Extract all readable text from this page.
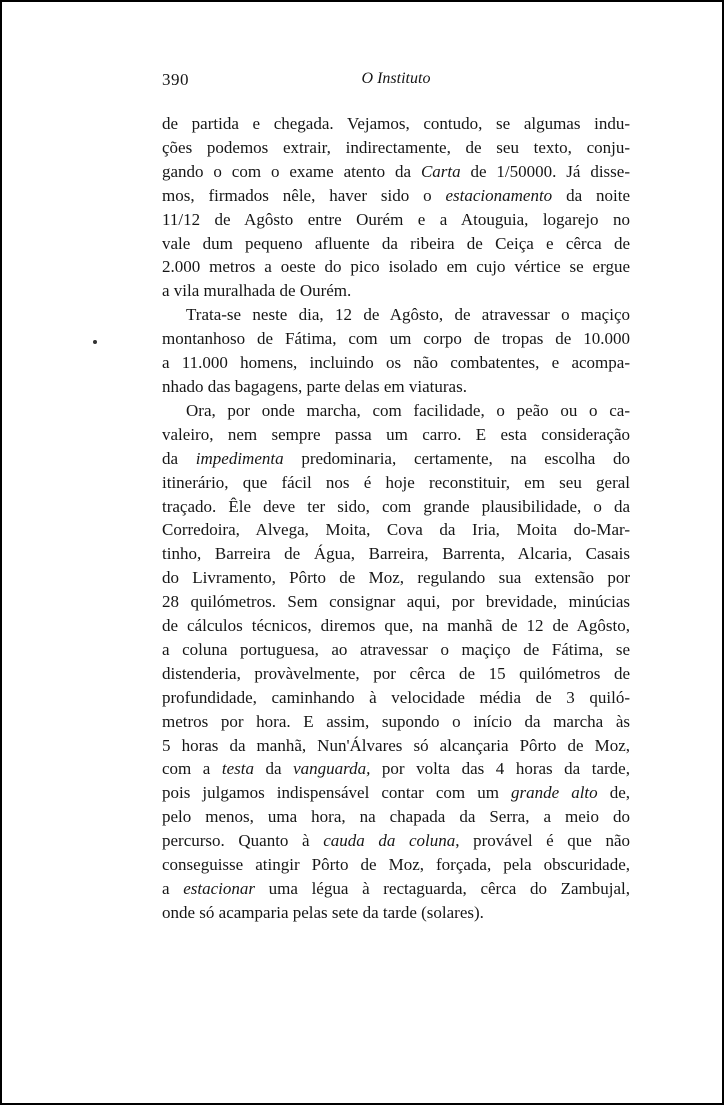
390	O Instituto

de partida e chegada. Vejamos, contudo, se algumas indu-
ções podemos extrair, indirectamente, de seu texto, conju-
gando o com o exame atento da Carta de 1/50000. Já disse-
mos, firmados nêle, haver sido o estacionamento da noite
11/12 de Agôsto entre Ourém e a Atouguia, logarejo no
vale dum pequeno afluente da ribeira de Ceiça e cêrca de
2.000 metros a oeste do pico isolado em cujo vértice se ergue
a vila muralhada de Ourém.

Trata-se neste dia, 12 de Agôsto, de atravessar o maçiço
montanhoso de Fátima, com um corpo de tropas de 10.000
a 11.000 homens, incluindo os não combatentes, e acompa-
nhado das bagagens, parte delas em viaturas.

Ora, por onde marcha, com facilidade, o peão ou o ca-
valeiro, nem sempre passa um carro. E esta consideração
da impedimenta predominaria, certamente, na escolha do
itinerário, que fácil nos é hoje reconstituir, em seu geral
traçado. Êle deve ter sido, com grande plausibilidade, o da
Corredoira, Alvega, Moita, Cova da Iria, Moita do-Mar-
tinho, Barreira de Água, Barreira, Barrenta, Alcaria, Casais
do Livramento, Pôrto de Moz, regulando sua extensão por
28 quilómetros. Sem consignar aqui, por brevidade, minúcias
de cálculos técnicos, diremos que, na manhã de 12 de Agôsto,
a coluna portuguesa, ao atravessar o maçiço de Fátima, se
distenderia, provàvelmente, por cêrca de 15 quilómetros de
profundidade, caminhando à velocidade média de 3 quiló-
metros por hora. E assim, supondo o início da marcha às
5 horas da manhã, Nun'Álvares só alcançaria Pôrto de Moz,
com a testa da vanguarda, por volta das 4 horas da tarde,
pois julgamos indispensável contar com um grande alto de,
pelo menos, uma hora, na chapada da Serra, a meio do
percurso. Quanto à cauda da coluna, provável é que não
conseguisse atingir Pôrto de Moz, forçada, pela obscuridade,
a estacionar uma légua à rectaguarda, cêrca do Zambujal,
onde só acamparia pelas sete da tarde (solares).
